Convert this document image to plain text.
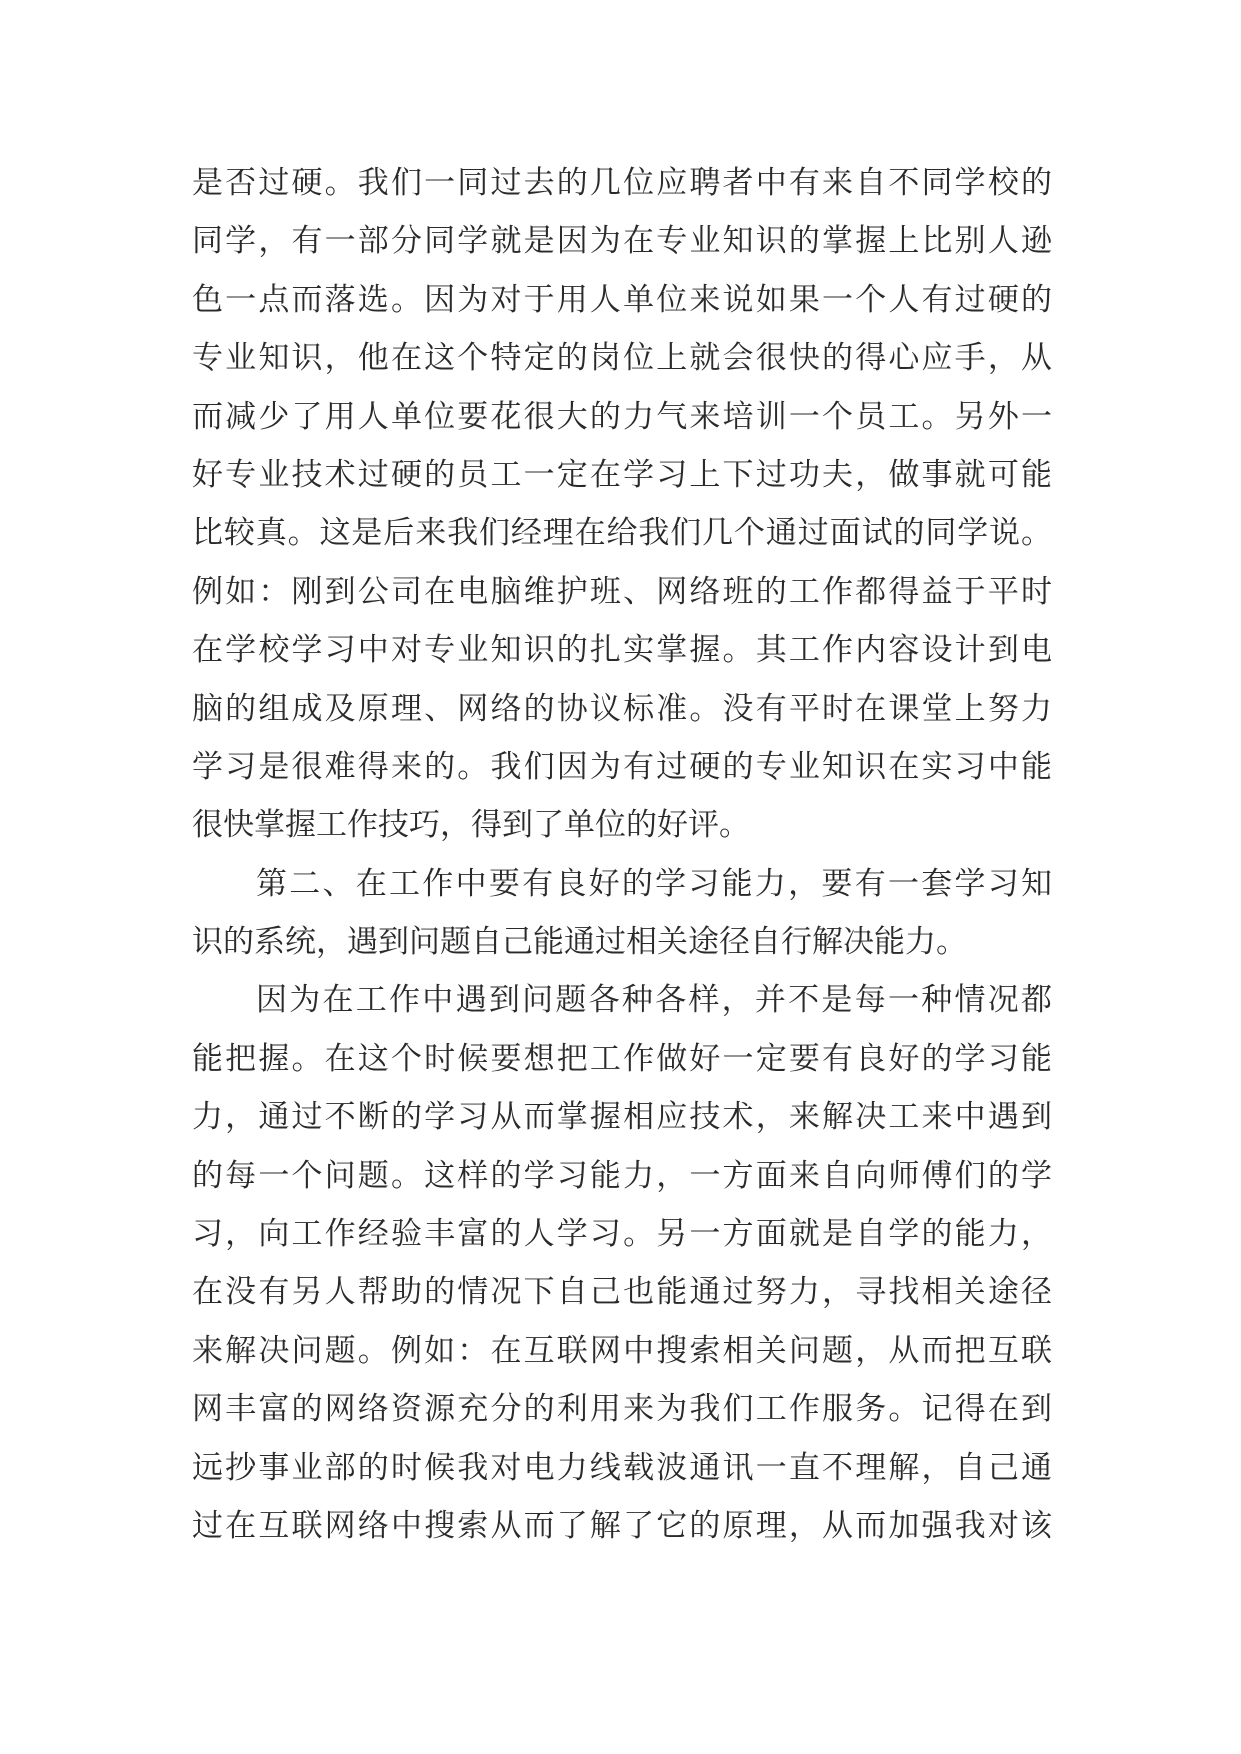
是否过硬。我们一同过去的几位应聘者中有来自不同学校的
同学，有一部分同学就是因为在专业知识的掌握上比别人逊
色一点而落选。因为对于用人单位来说如果一个人有过硬的
专业知识，他在这个特定的岗位上就会很快的得心应手，从
而减少了用人单位要花很大的力气来培训一个员工。另外一
好专业技术过硬的员工一定在学习上下过功夫，做事就可能
比较真。这是后来我们经理在给我们几个通过面试的同学说。
例如：刚到公司在电脑维护班、网络班的工作都得益于平时
在学校学习中对专业知识的扎实掌握。其工作内容设计到电
脑的组成及原理、网络的协议标准。没有平时在课堂上努力
学习是很难得来的。我们因为有过硬的专业知识在实习中能
很快掌握工作技巧，得到了单位的好评。
第二、在工作中要有良好的学习能力，要有一套学习知
识的系统，遇到问题自己能通过相关途径自行解决能力。
因为在工作中遇到问题各种各样，并不是每一种情况都
能把握。在这个时候要想把工作做好一定要有良好的学习能
力，通过不断的学习从而掌握相应技术，来解决工来中遇到
的每一个问题。这样的学习能力，一方面来自向师傅们的学
习，向工作经验丰富的人学习。另一方面就是自学的能力，
在没有另人帮助的情况下自己也能通过努力，寻找相关途径
来解决问题。例如：在互联网中搜索相关问题，从而把互联
网丰富的网络资源充分的利用来为我们工作服务。记得在到
远抄事业部的时候我对电力线载波通讯一直不理解，自己通
过在互联网络中搜索从而了解了它的原理，从而加强我对该
